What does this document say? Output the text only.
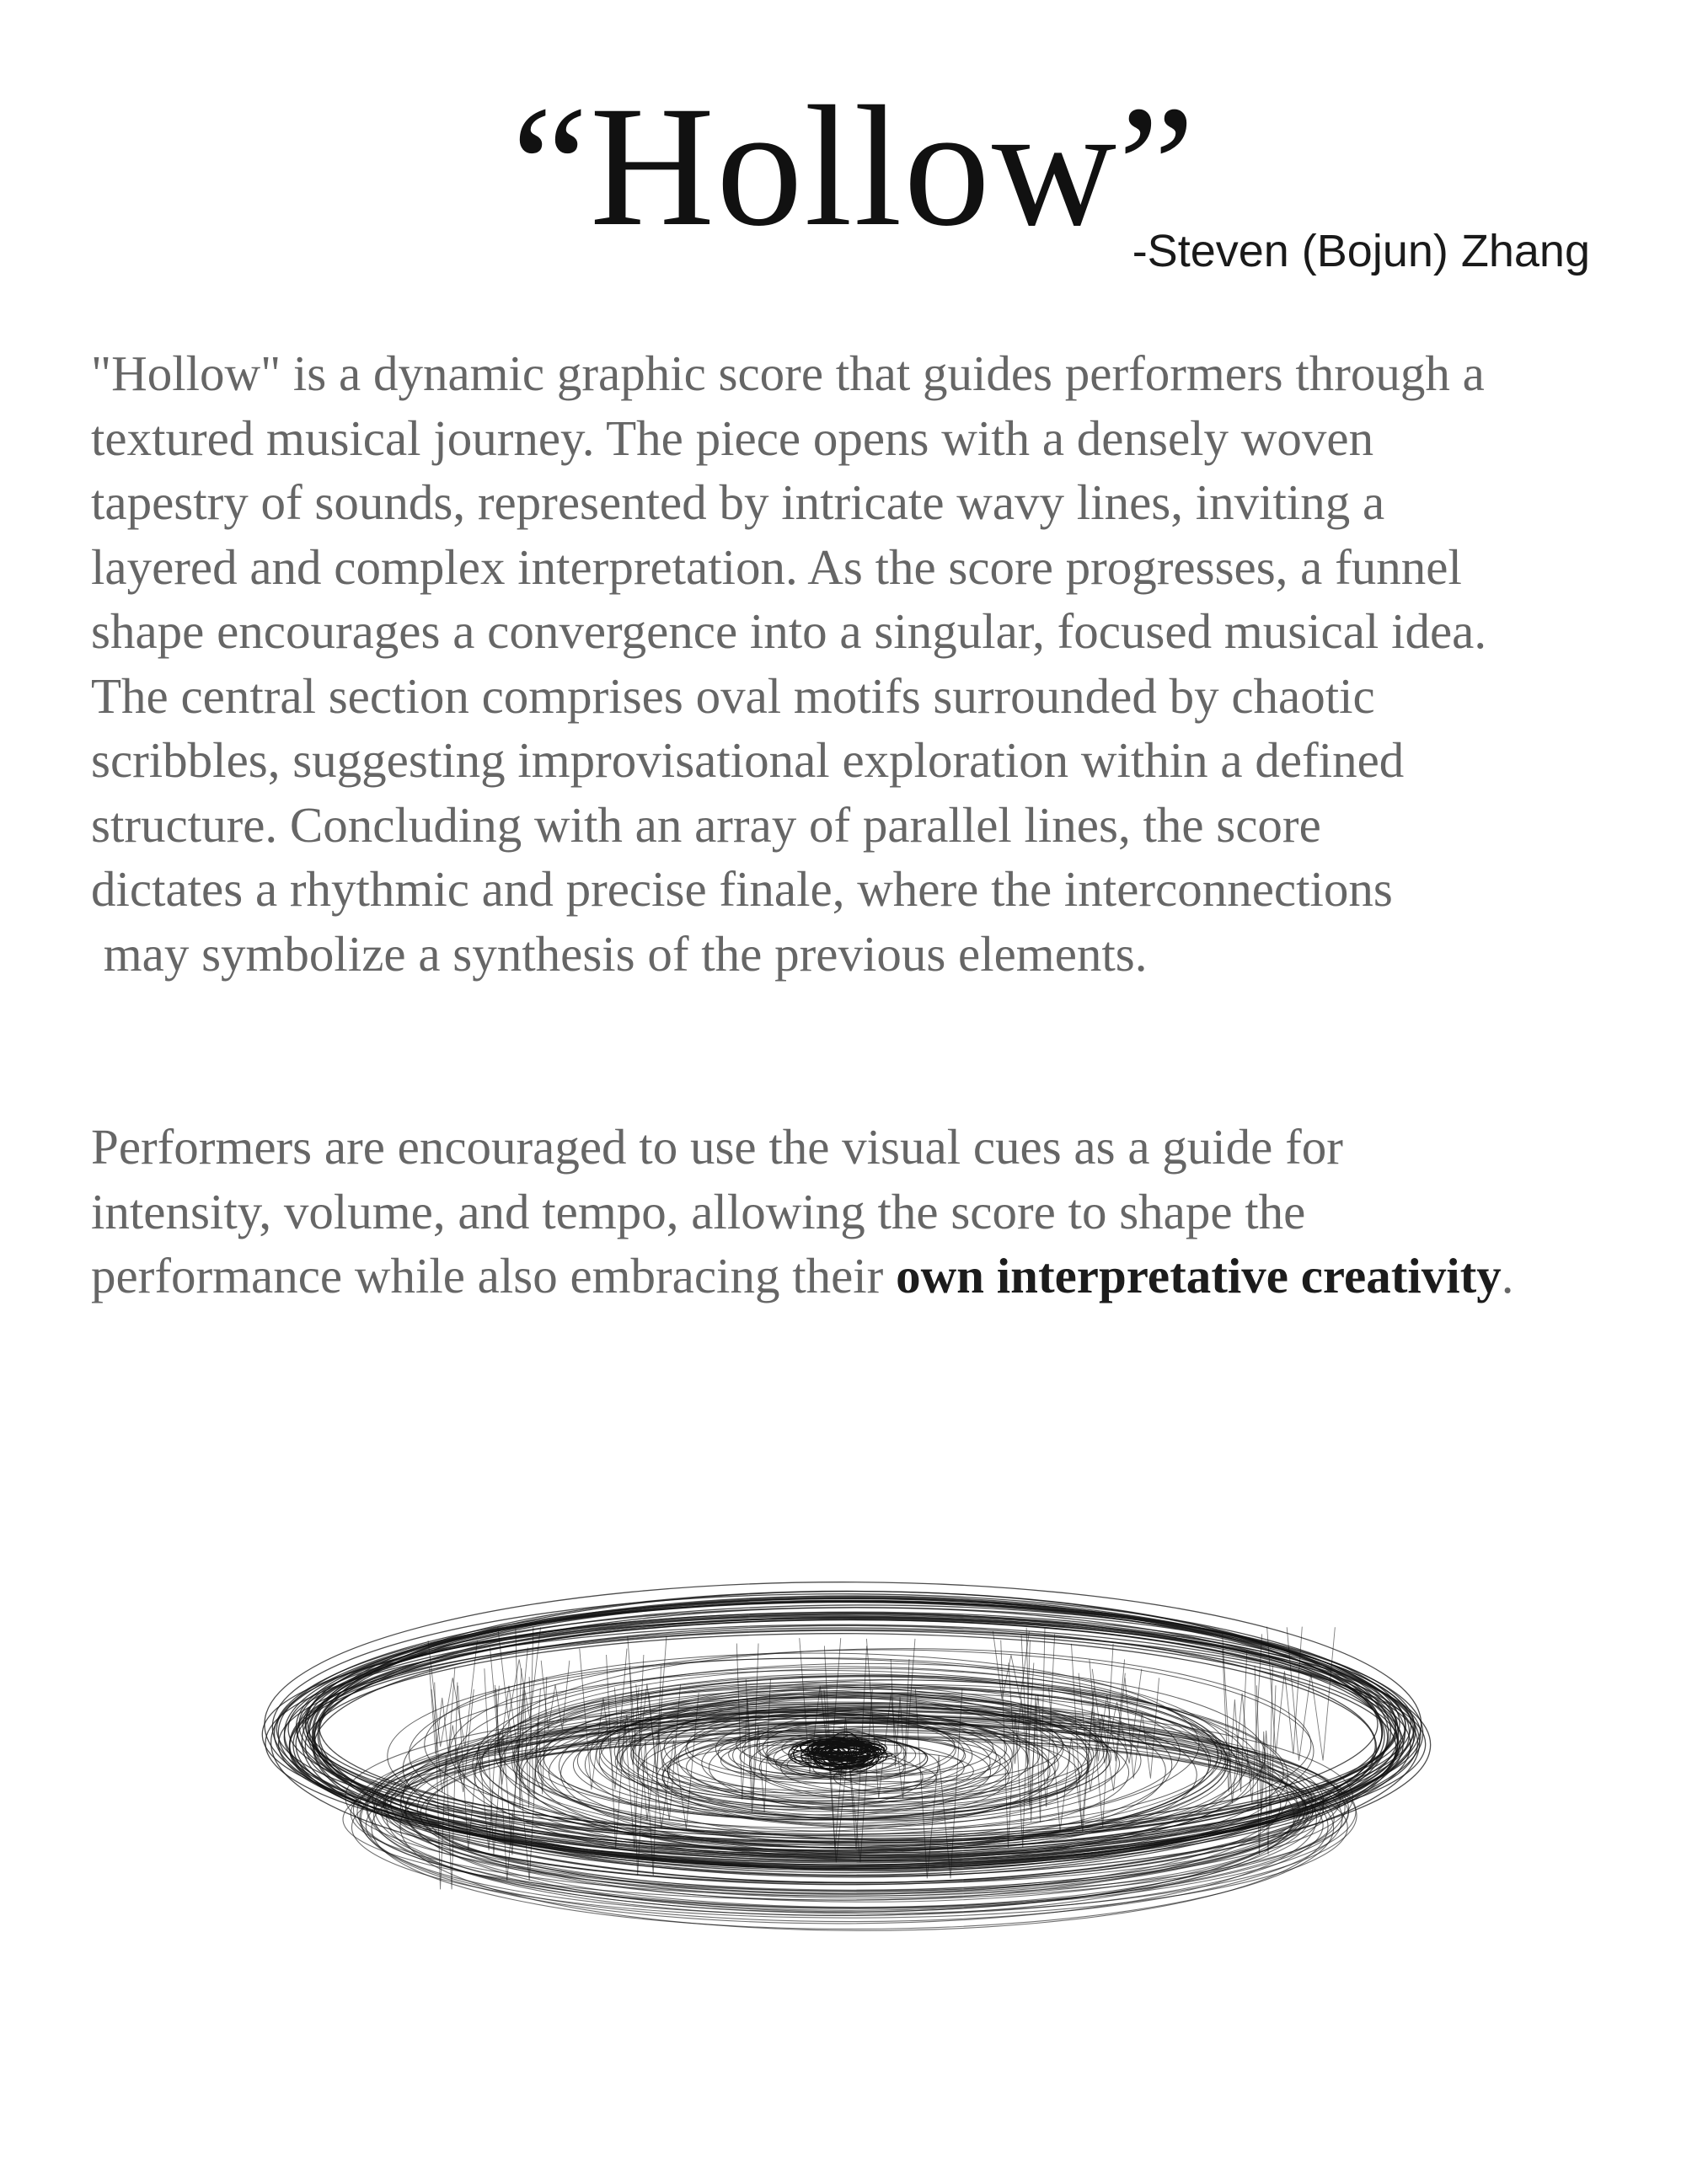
“Hollow”

-Steven (Bojun) Zhang

"Hollow" is a dynamic graphic score that guides performers through a
textured musical journey. The piece opens with a densely woven
tapestry of sounds, represented by intricate wavy lines, inviting a
layered and complex interpretation. As the score progresses, a funnel
shape encourages a convergence into a singular, focused musical idea.
The central section comprises oval motifs surrounded by chaotic
scribbles, suggesting improvisational exploration within a defined
structure. Concluding with an array of parallel lines, the score
dictates a rhythmic and precise finale, where the interconnections
may symbolize a synthesis of the previous elements.

Performers are encouraged to use the visual cues as a guide for
intensity, volume, and tempo, allowing the score to shape the
performance while also embracing their own interpretative creativity.
